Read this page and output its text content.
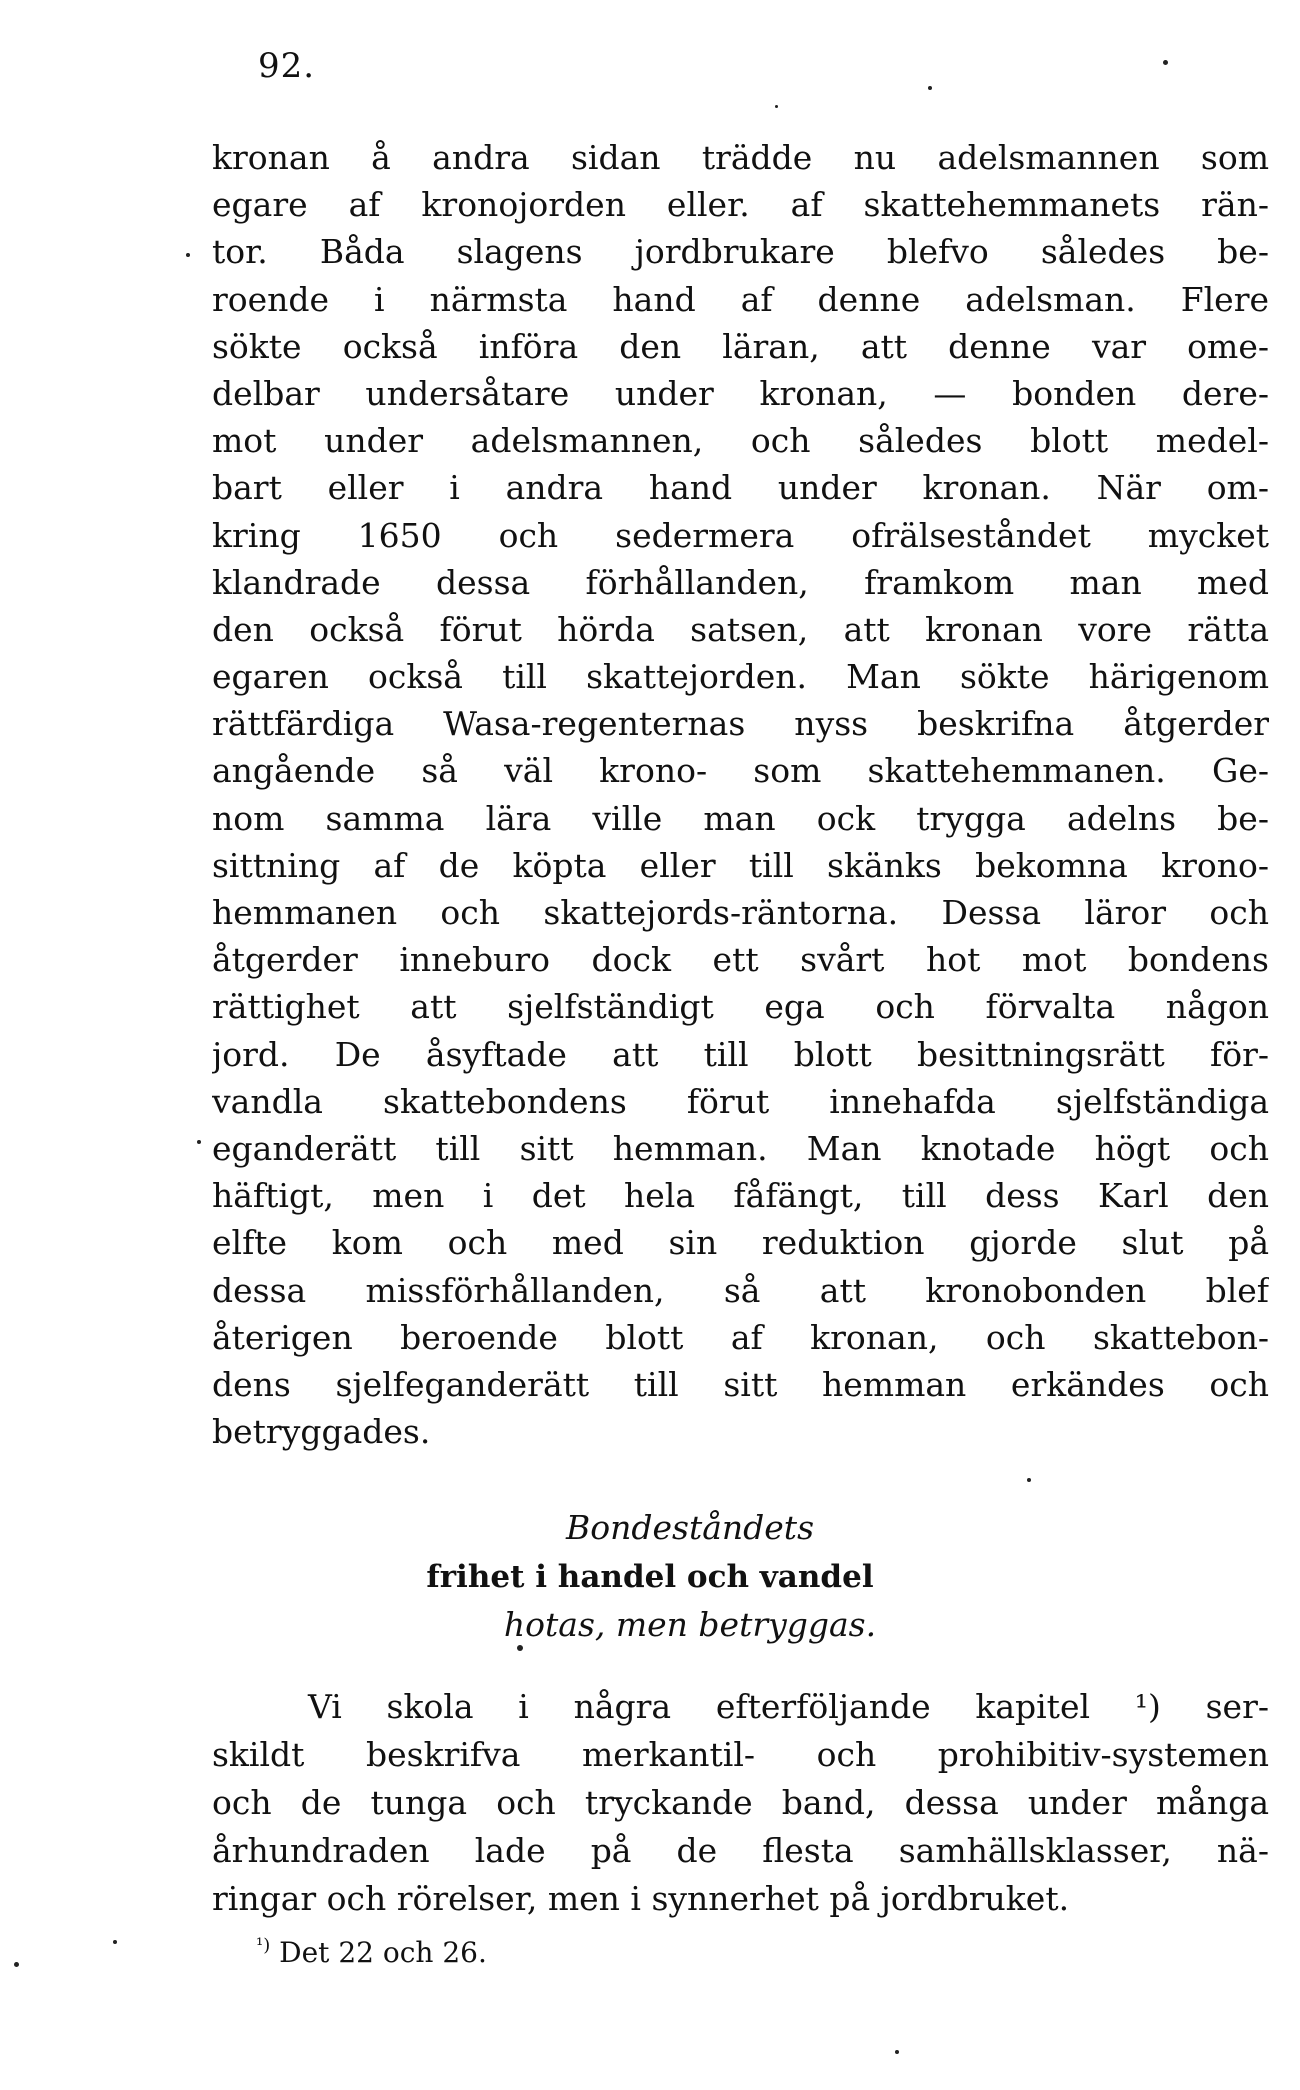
92.
kronan å andra sidan trädde nu adelsmannen som
egare af kronojorden eller. af skattehemmanets rän-
tor. Båda slagens jordbrukare blefvo således be-
roende i närmsta hand af denne adelsman. Flere
sökte också införa den läran, att denne var ome-
delbar undersåtare under kronan, — bonden dere-
mot under adelsmannen, och således blott medel-
bart eller i andra hand under kronan. När om-
kring 1650 och sedermera ofrälseståndet mycket
klandrade dessa förhållanden, framkom man med
den också förut hörda satsen, att kronan vore rätta
egaren också till skattejorden. Man sökte härigenom
rättfärdiga Wasa-regenternas nyss beskrifna åtgerder
angående så väl krono- som skattehemmanen. Ge-
nom samma lära ville man ock trygga adelns be-
sittning af de köpta eller till skänks bekomna krono-
hemmanen och skattejords-räntorna. Dessa läror och
åtgerder inneburo dock ett svårt hot mot bondens
rättighet att sjelfständigt ega och förvalta någon
jord. De åsyftade att till blott besittningsrätt för-
vandla skattebondens förut innehafda sjelfständiga
eganderätt till sitt hemman. Man knotade högt och
häftigt, men i det hela fåfängt, till dess Karl den
elfte kom och med sin reduktion gjorde slut på
dessa missförhållanden, så att kronobonden blef
återigen beroende blott af kronan, och skattebon-
dens sjelfeganderätt till sitt hemman erkändes och
betryggades.
Bondeståndets
frihet i handel och vandel
hotas, men betryggas.
Vi skola i några efterföljande kapitel ¹) ser-
skildt beskrifva merkantil- och prohibitiv-systemen
och de tunga och tryckande band, dessa under många
århundraden lade på de flesta samhällsklasser, nä-
ringar och rörelser, men i synnerhet på jordbruket.
$^{^1)}$ Det 22 och 26.
